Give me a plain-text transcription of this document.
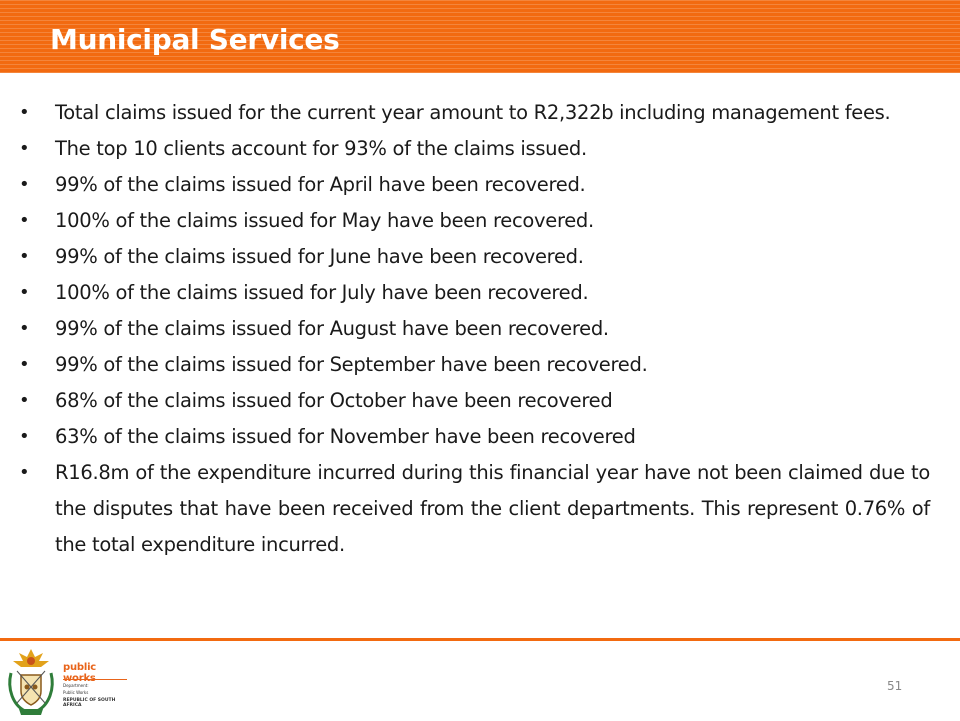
Municipal Services
• Total claims issued for the current year amount to R2,322b including management fees.
• The top 10 clients account for 93% of the claims issued.
• 99% of the claims issued for April have been recovered.
• 100% of the claims issued for May have been recovered.
• 99% of the claims issued for June have been recovered.
• 100% of the claims issued for July have been recovered.
• 99% of the claims issued for August have been recovered.
• 99% of the claims issued for September have been recovered.
• 68% of the claims issued for October have been recovered
• 63% of the claims issued for November have been recovered
• R16.8m of the expenditure incurred during this financial year have not been claimed due to the disputes that have been received from the client departments. This represent 0.76% of the total expenditure incurred.
public
Department:
Public Works
REPUBLIC OF SOUTH AFRICA
51
